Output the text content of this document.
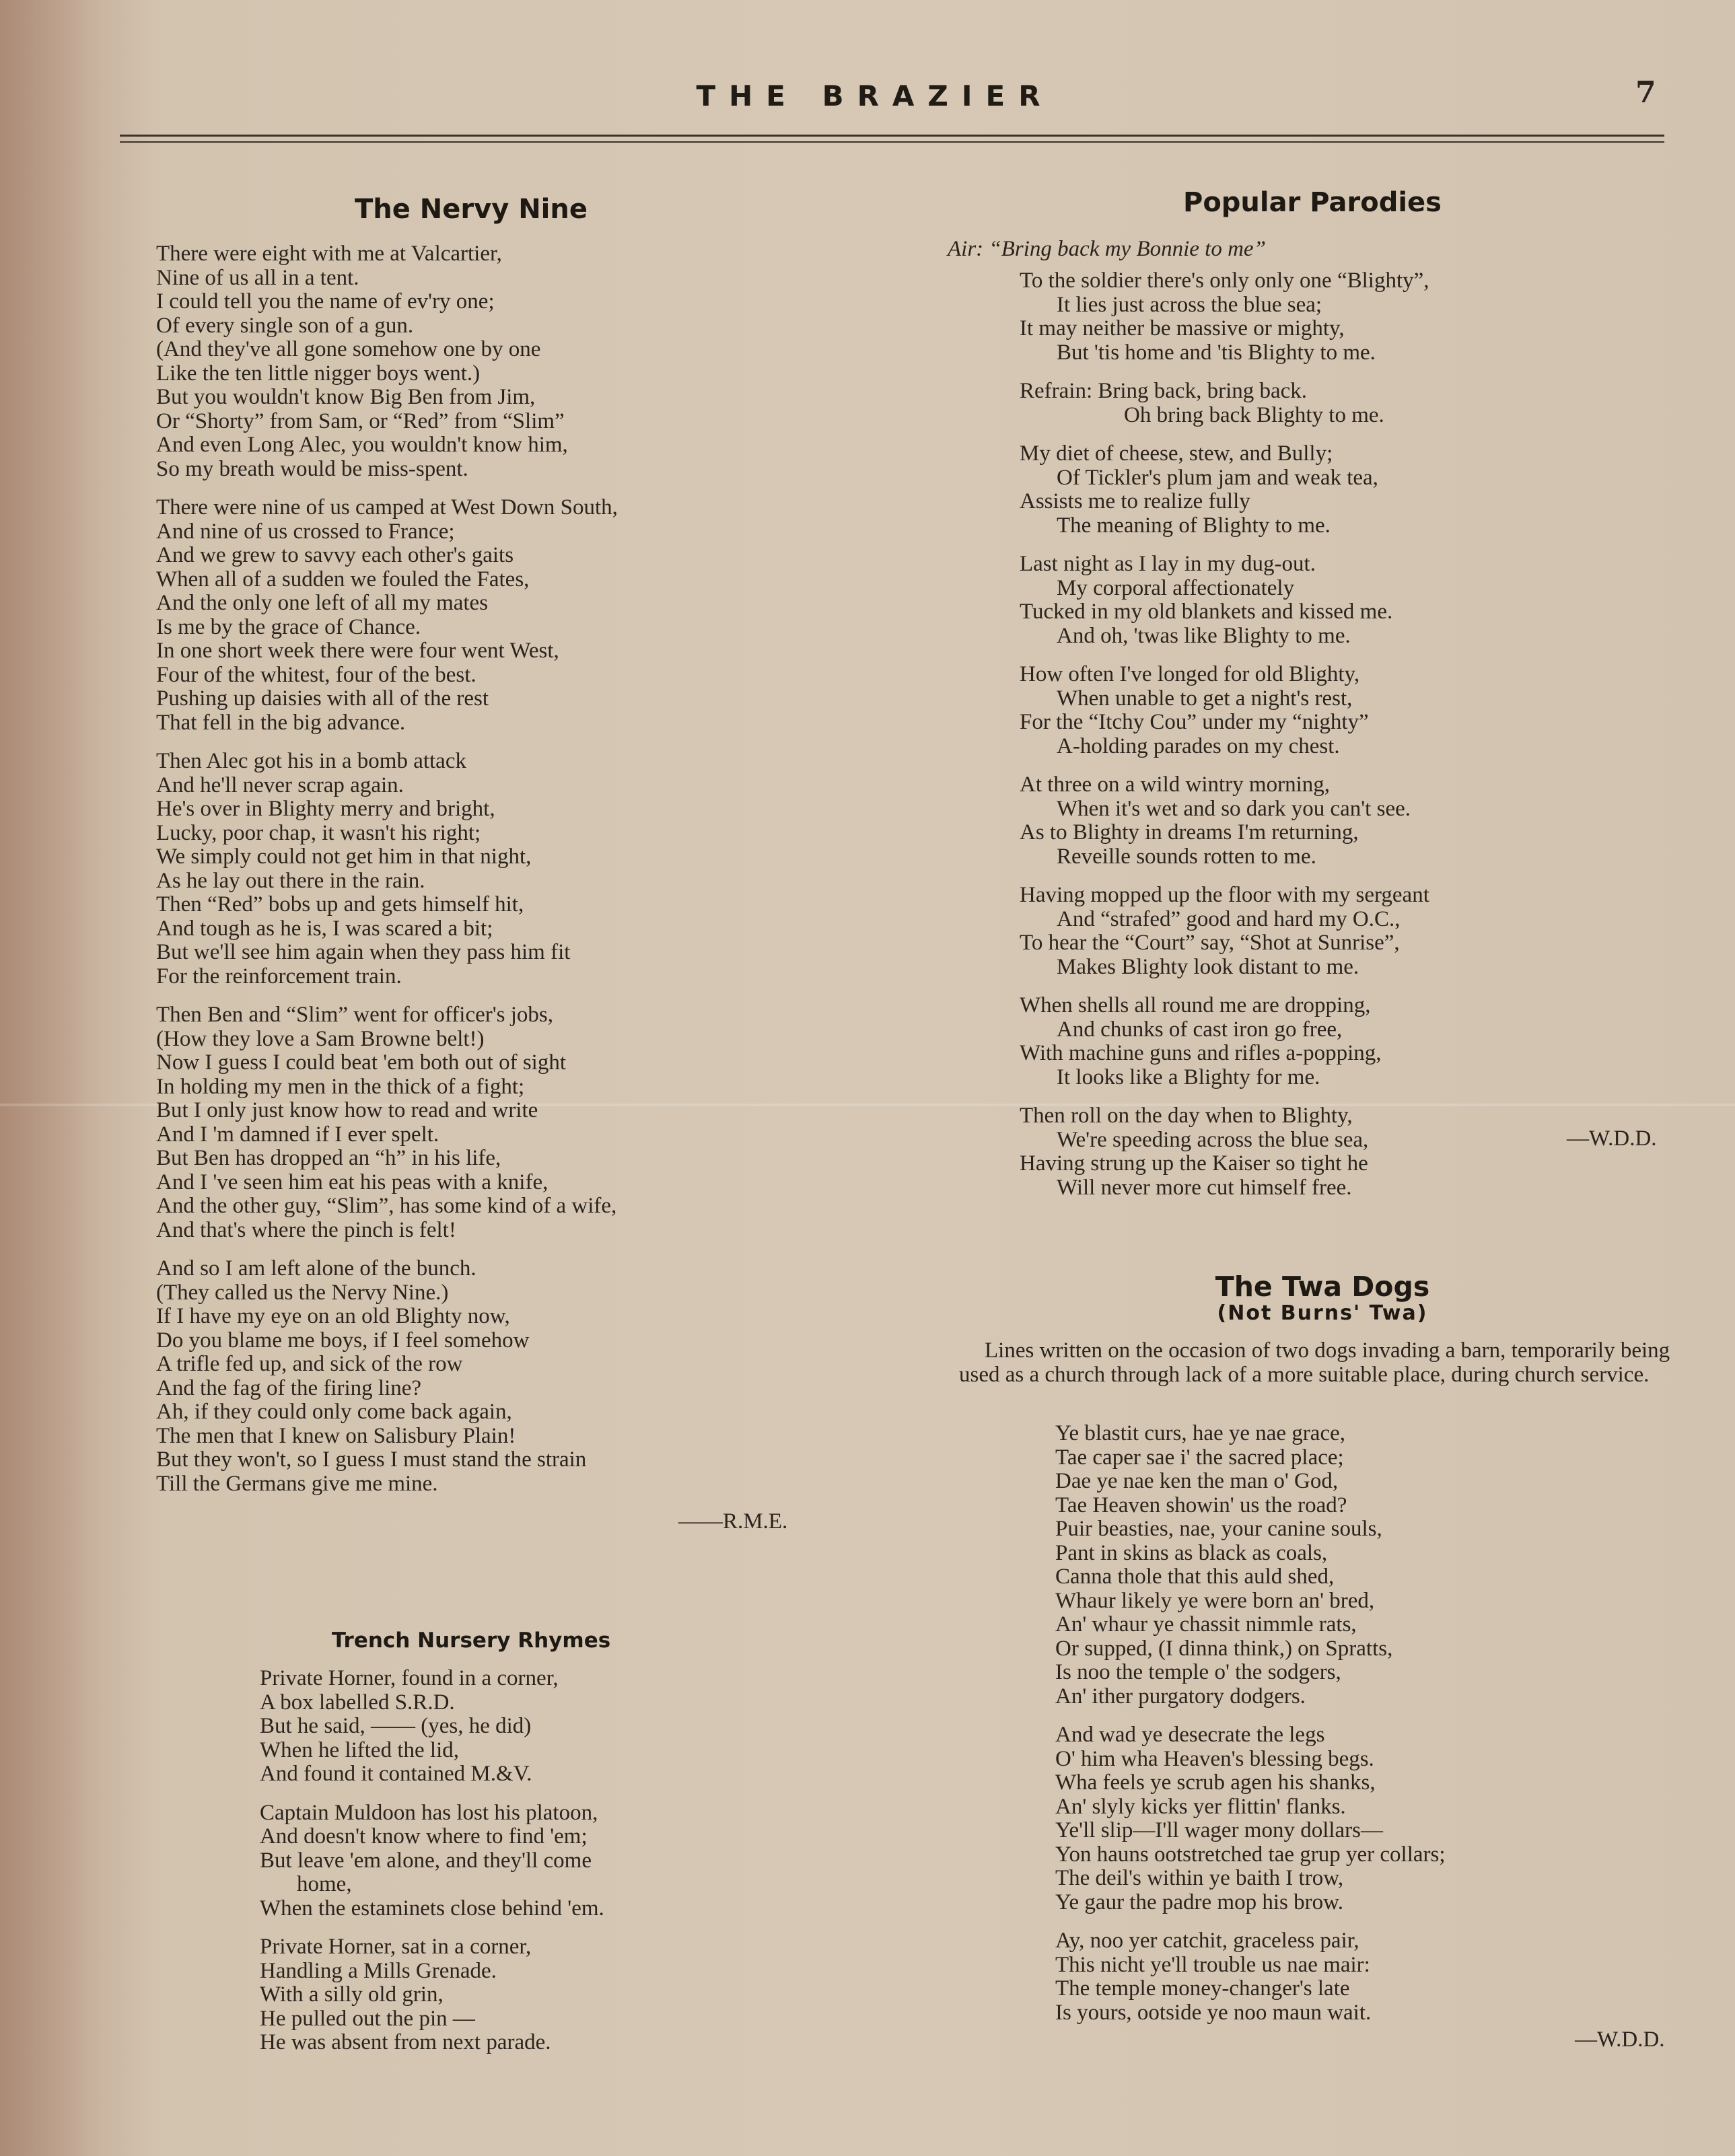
THE BRAZIER	7
The Nervy Nine
There were eight with me at Valcartier,
Nine of us all in a tent.
I could tell you the name of ev'ry one;
Of every single son of a gun.
(And they've all gone somehow one by one
Like the ten little nigger boys went.)
But you wouldn't know Big Ben from Jim,
Or “Shorty” from Sam, or “Red” from “Slim”
And even Long Alec, you wouldn't know him,
So my breath would be miss-spent.
There were nine of us camped at West Down South,
And nine of us crossed to France;
And we grew to savvy each other's gaits
When all of a sudden we fouled the Fates,
And the only one left of all my mates
Is me by the grace of Chance.
In one short week there were four went West,
Four of the whitest, four of the best.
Pushing up daisies with all of the rest
That fell in the big advance.
Then Alec got his in a bomb attack
And he'll never scrap again.
He's over in Blighty merry and bright,
Lucky, poor chap, it wasn't his right;
We simply could not get him in that night,
As he lay out there in the rain.
Then “Red” bobs up and gets himself hit,
And tough as he is, I was scared a bit;
But we'll see him again when they pass him fit
For the reinforcement train.
Then Ben and “Slim” went for officer's jobs,
(How they love a Sam Browne belt!)
Now I guess I could beat 'em both out of sight
In holding my men in the thick of a fight;
But I only just know how to read and write
And I 'm damned if I ever spelt.
But Ben has dropped an “h” in his life,
And I 've seen him eat his peas with a knife,
And the other guy, “Slim”, has some kind of a wife,
And that's where the pinch is felt!
And so I am left alone of the bunch.
(They called us the Nervy Nine.)
If I have my eye on an old Blighty now,
Do you blame me boys, if I feel somehow
A trifle fed up, and sick of the row
And the fag of the firing line?
Ah, if they could only come back again,
The men that I knew on Salisbury Plain!
But they won't, so I guess I must stand the strain
Till the Germans give me mine.
——R.M.E.
Trench Nursery Rhymes
Private Horner, found in a corner,
A box labelled S.R.D.
But he said, —— (yes, he did)
When he lifted the lid,
And found it contained M.&V.
Captain Muldoon has lost his platoon,
And doesn't know where to find 'em;
But leave 'em alone, and they'll come
home,
When the estaminets close behind 'em.
Private Horner, sat in a corner,
Handling a Mills Grenade.
With a silly old grin,
He pulled out the pin —
He was absent from next parade.
Popular Parodies
Air: “Bring back my Bonnie to me”
To the soldier there's only only one “Blighty”,
It lies just across the blue sea;
It may neither be massive or mighty,
But 'tis home and 'tis Blighty to me.
Refrain: Bring back, bring back.
Oh bring back Blighty to me.
My diet of cheese, stew, and Bully;
Of Tickler's plum jam and weak tea,
Assists me to realize fully
The meaning of Blighty to me.
Last night as I lay in my dug-out.
My corporal affectionately
Tucked in my old blankets and kissed me.
And oh, 'twas like Blighty to me.
How often I've longed for old Blighty,
When unable to get a night's rest,
For the “Itchy Cou” under my “nighty”
A-holding parades on my chest.
At three on a wild wintry morning,
When it's wet and so dark you can't see.
As to Blighty in dreams I'm returning,
Reveille sounds rotten to me.
Having mopped up the floor with my sergeant
And “strafed” good and hard my O.C.,
To hear the “Court” say, “Shot at Sunrise”,
Makes Blighty look distant to me.
When shells all round me are dropping,
And chunks of cast iron go free,
With machine guns and rifles a-popping,
It looks like a Blighty for me.
Then roll on the day when to Blighty,
We're speeding across the blue sea,
Having strung up the Kaiser so tight he
Will never more cut himself free.
—W.D.D.
The Twa Dogs
(Not Burns' Twa)
Lines written on the occasion of two dogs invading a barn, temporarily being used as a church through lack of a more suitable place, during church service.
Ye blastit curs, hae ye nae grace,
Tae caper sae i' the sacred place;
Dae ye nae ken the man o' God,
Tae Heaven showin' us the road?
Puir beasties, nae, your canine souls,
Pant in skins as black as coals,
Canna thole that this auld shed,
Whaur likely ye were born an' bred,
An' whaur ye chassit nimmle rats,
Or supped, (I dinna think,) on Spratts,
Is noo the temple o' the sodgers,
An' ither purgatory dodgers.
And wad ye desecrate the legs
O' him wha Heaven's blessing begs.
Wha feels ye scrub agen his shanks,
An' slyly kicks yer flittin' flanks.
Ye'll slip—I'll wager mony dollars—
Yon hauns ootstretched tae grup yer collars;
The deil's within ye baith I trow,
Ye gaur the padre mop his brow.
Ay, noo yer catchit, graceless pair,
This nicht ye'll trouble us nae mair:
The temple money-changer's late
Is yours, ootside ye noo maun wait.
—W.D.D.
